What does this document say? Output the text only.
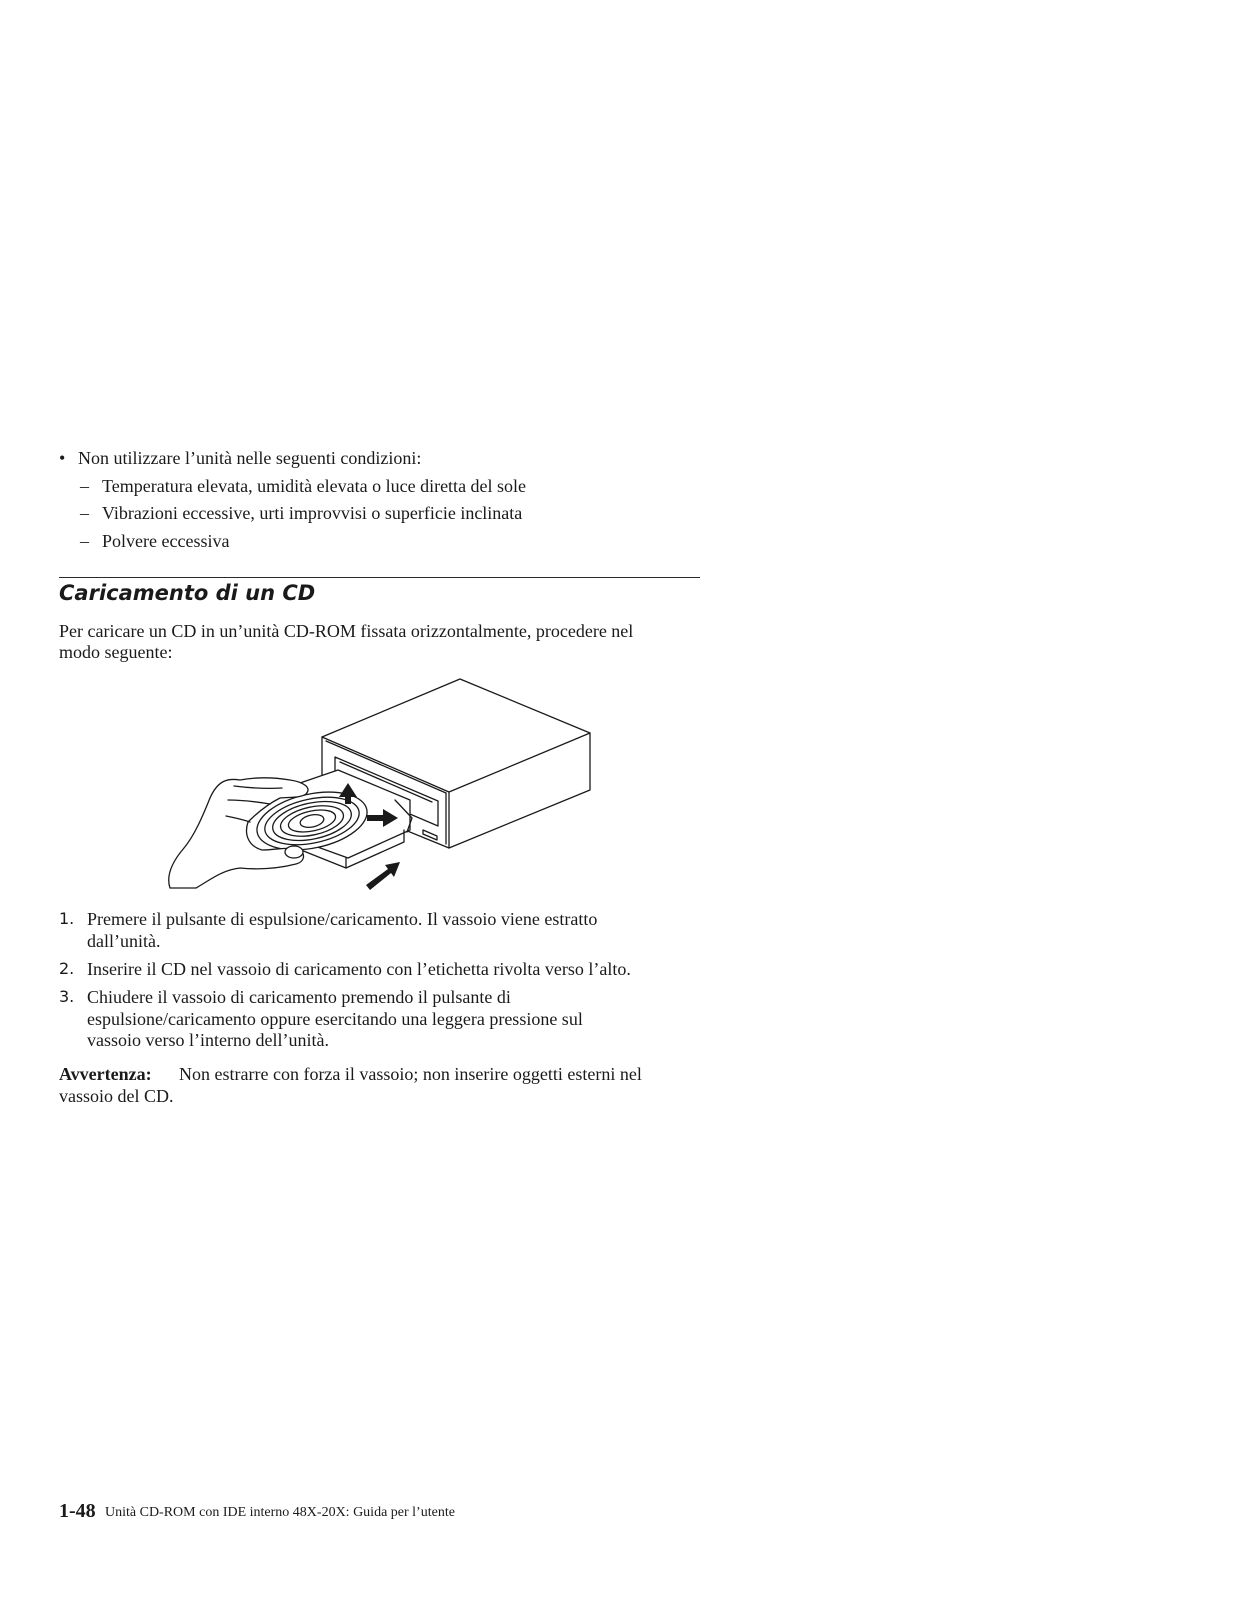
• Non utilizzare l’unità nelle seguenti condizioni:
– Temperatura elevata, umidità elevata o luce diretta del sole
– Vibrazioni eccessive, urti improvvisi o superficie inclinata
– Polvere eccessiva
Caricamento di un CD
Per caricare un CD in un’unità CD-ROM fissata orizzontalmente, procedere nel
modo seguente:
1. Premere il pulsante di espulsione/caricamento. Il vassoio viene estratto
dall’unità.
2. Inserire il CD nel vassoio di caricamento con l’etichetta rivolta verso l’alto.
3. Chiudere il vassoio di caricamento premendo il pulsante di
espulsione/caricamento oppure esercitando una leggera pressione sul
vassoio verso l’interno dell’unità.
Avvertenza: Non estrarre con forza il vassoio; non inserire oggetti esterni nel
vassoio del CD.
1-48 Unità CD-ROM con IDE interno 48X-20X: Guida per l’utente
